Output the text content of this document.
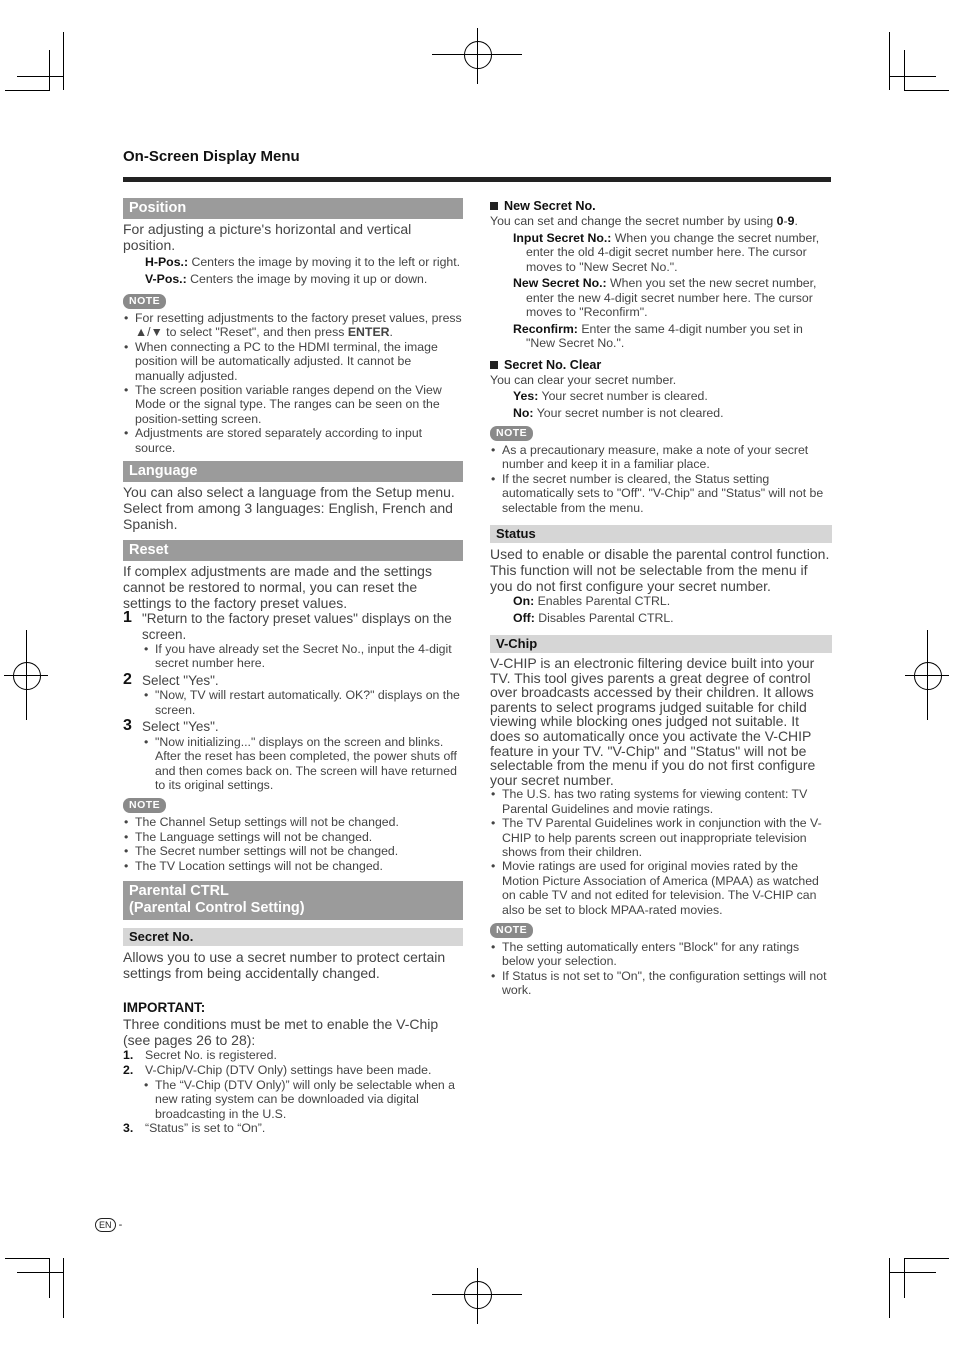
On-Screen Display Menu
Position

For adjusting a picture's horizontal and vertical position.

H-Pos.: Centers the image by moving it to the left or right.

V-Pos.: Centers the image by moving it up or down.

NOTE
• For resetting adjustments to the factory preset values, press ▲/▼ to select "Reset", and then press ENTER.
• When connecting a PC to the HDMI terminal, the image position will be automatically adjusted. It cannot be manually adjusted.
• The screen position variable ranges depend on the View Mode or the signal type. The ranges can be seen on the position-setting screen.
• Adjustments are stored separately according to input source.
Language

You can also select a language from the Setup menu. Select from among 3 languages: English, French and Spanish.

Reset

If complex adjustments are made and the settings cannot be restored to normal, you can reset the settings to the factory preset values.

1 "Return to the factory preset values" displays on the screen.
• If you have already set the Secret No., input the 4-digit secret number here.
2 Select "Yes".
• "Now, TV will restart automatically. OK?" displays on the screen.
3 Select "Yes".
• "Now initializing..." displays on the screen and blinks. After the reset has been completed, the power shuts off and then comes back on. The screen will have returned to its original settings.
NOTE
• The Channel Setup settings will not be changed.
• The Language settings will not be changed.
• The Secret number settings will not be changed.
• The TV Location settings will not be changed.
Parental CTRL
(Parental Control Setting)
Secret No.

Allows you to use a secret number to protect certain settings from being accidentally changed.

IMPORTANT:

Three conditions must be met to enable the V-Chip (see pages 26 to 28):

1. Secret No. is registered.
2. V-Chip/V-Chip (DTV Only) settings have been made.
• The “V-Chip (DTV Only)” will only be selectable when a new rating system can be downloaded via digital broadcasting in the U.S.
3. “Status” is set to “On”.
New Secret No.

You can set and change the secret number by using 0-9.

Input Secret No.: When you change the secret number, enter the old 4-digit secret number here. The cursor moves to "New Secret No.".

New Secret No.: When you set the new secret number, enter the new 4-digit secret number here. The cursor moves to "Reconfirm".

Reconfirm: Enter the same 4-digit number you set in "New Secret No.".

Secret No. Clear

You can clear your secret number.

Yes: Your secret number is cleared.

No: Your secret number is not cleared.

NOTE
• As a precautionary measure, make a note of your secret number and keep it in a familiar place.
• If the secret number is cleared, the Status setting automatically sets to "Off". "V-Chip" and "Status" will not be selectable from the menu.
Status

Used to enable or disable the parental control function. This function will not be selectable from the menu if you do not first configure your secret number.

On: Enables Parental CTRL.

Off: Disables Parental CTRL.

V-Chip

V-CHIP is an electronic filtering device built into your TV. This tool gives parents a great degree of control over broadcasts accessed by their children. It allows parents to select programs judged suitable for child viewing while blocking ones judged not suitable. It does so automatically once you activate the V-CHIP feature in your TV. "V-Chip" and "Status" will not be selectable from the menu if you do not first configure your secret number.

• The U.S. has two rating systems for viewing content: TV Parental Guidelines and movie ratings.
• The TV Parental Guidelines work in conjunction with the V-CHIP to help parents screen out inappropriate television shows from their children.
• Movie ratings are used for original movies rated by the Motion Picture Association of America (MPAA) as watched on cable TV and not edited for television. The V-CHIP can also be set to block MPAA-rated movies.
NOTE
• The setting automatically enters "Block" for any ratings below your selection.
• If Status is not set to "On", the configuration settings will not work.
EN -
